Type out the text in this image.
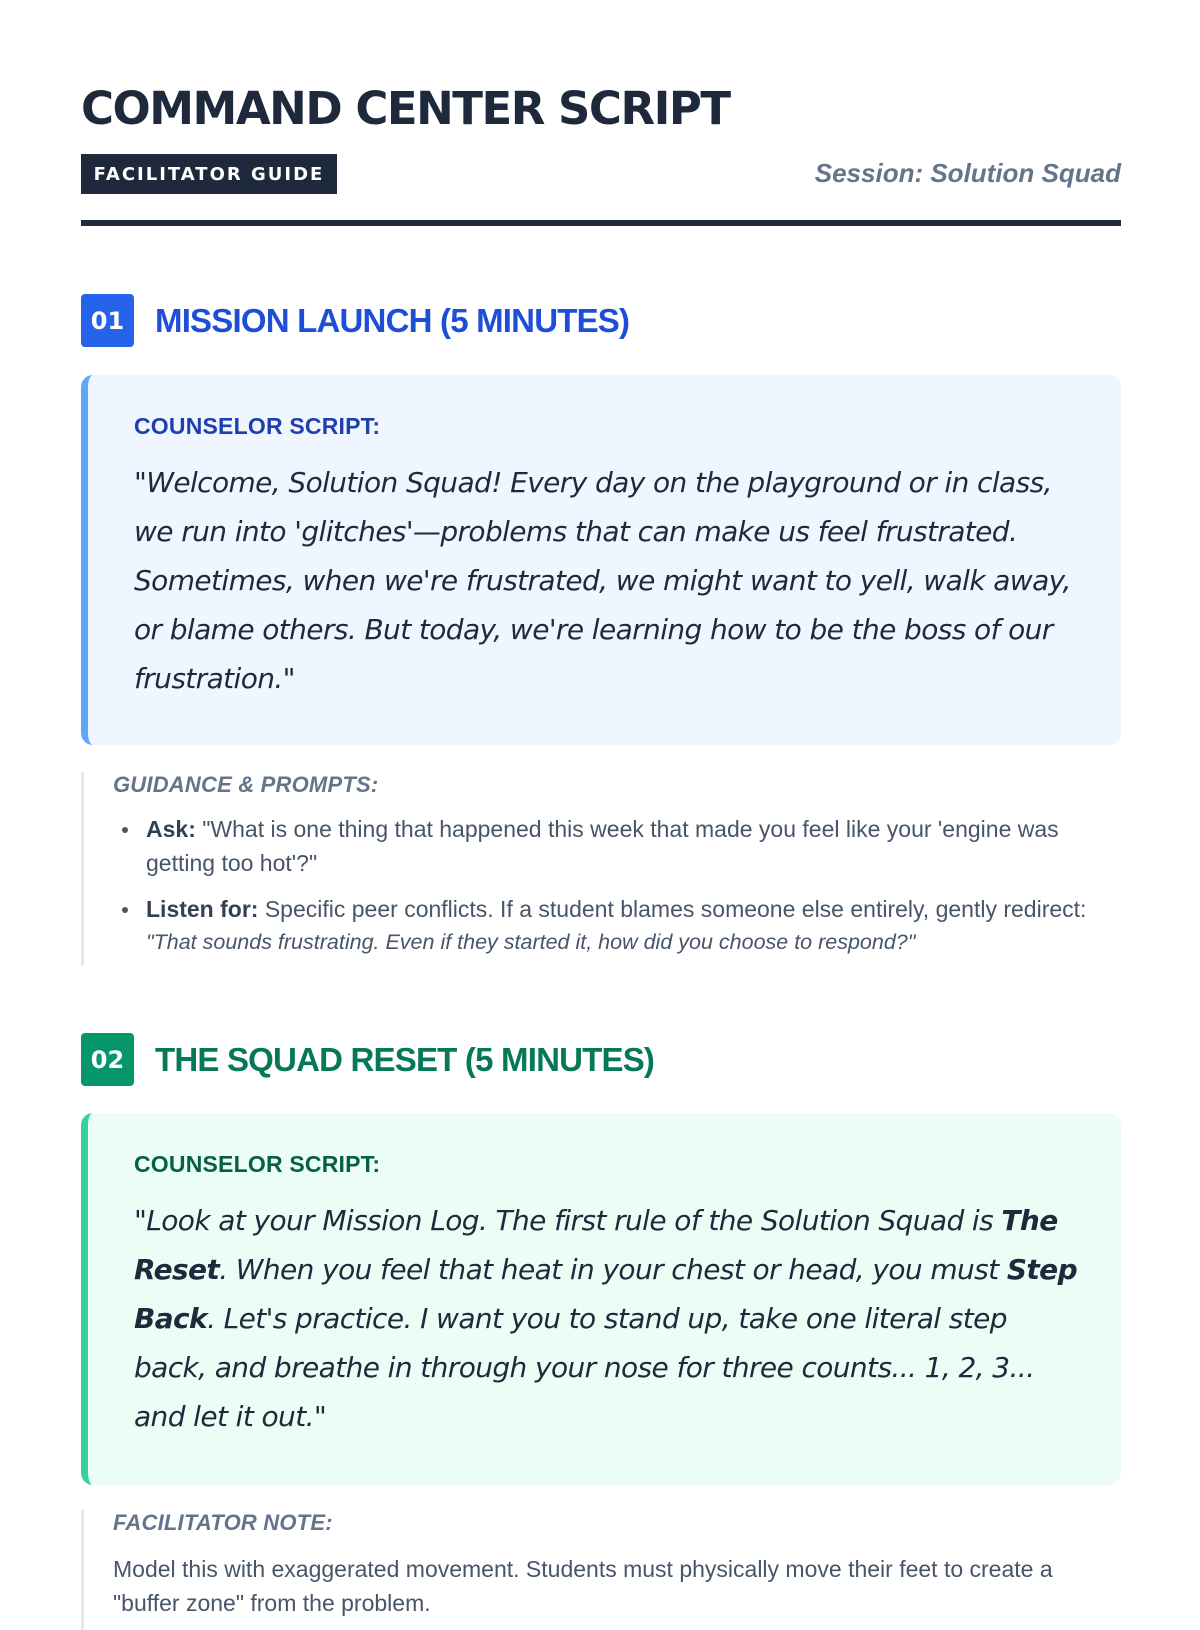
COMMAND CENTER SCRIPT
FACILITATOR GUIDE	Session: Solution Squad
01 MISSION LAUNCH (5 MINUTES)
COUNSELOR SCRIPT:
"Welcome, Solution Squad! Every day on the playground or in class, we run into 'glitches'—problems that can make us feel frustrated. Sometimes, when we're frustrated, we might want to yell, walk away, or blame others. But today, we're learning how to be the boss of our frustration."
GUIDANCE & PROMPTS:
Ask: "What is one thing that happened this week that made you feel like your 'engine was getting too hot'?"
Listen for: Specific peer conflicts. If a student blames someone else entirely, gently redirect:
"That sounds frustrating. Even if they started it, how did you choose to respond?"
02 THE SQUAD RESET (5 MINUTES)
COUNSELOR SCRIPT:
"Look at your Mission Log. The first rule of the Solution Squad is The Reset. When you feel that heat in your chest or head, you must Step Back. Let's practice. I want you to stand up, take one literal step back, and breathe in through your nose for three counts... 1, 2, 3... and let it out."
FACILITATOR NOTE:
Model this with exaggerated movement. Students must physically move their feet to create a "buffer zone" from the problem.
